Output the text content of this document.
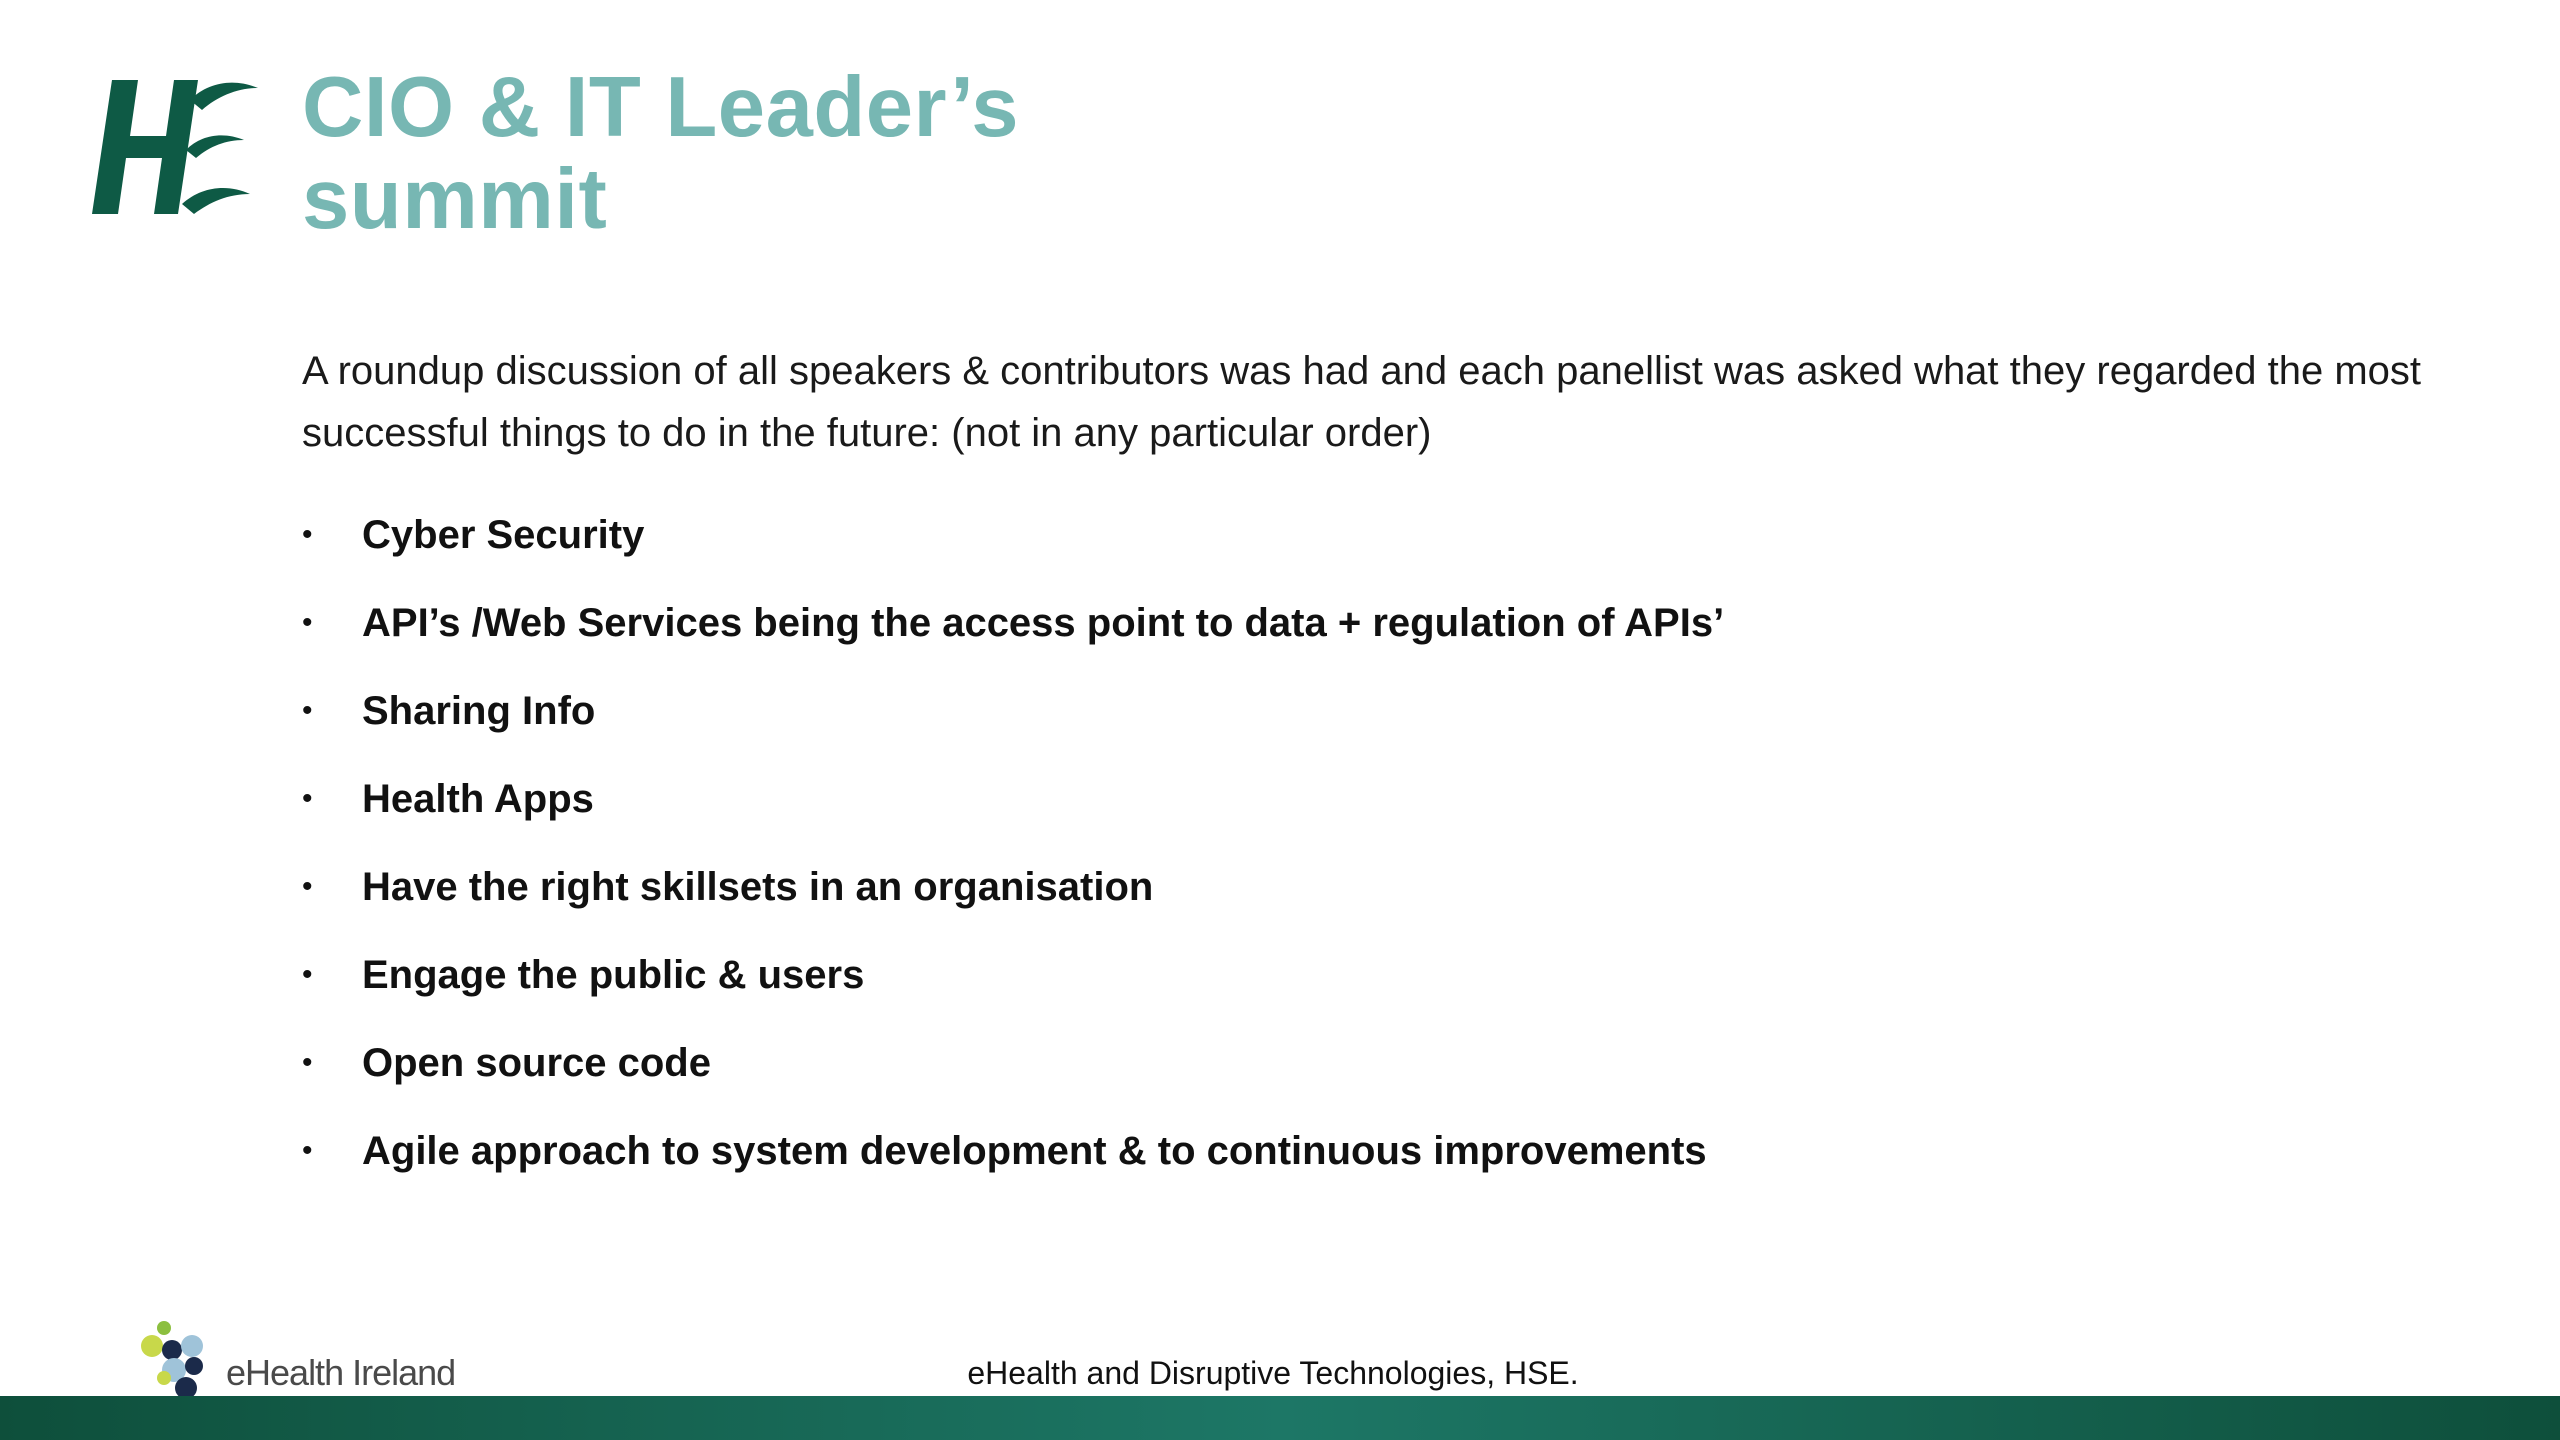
CIO & IT Leader’s
summit

A roundup discussion of all speakers & contributors was had and each panellist was asked what they regarded the most successful things to do in the future: (not in any particular order)

•	Cyber Security
•	API’s /Web Services being the access point to data + regulation of APIs’
•	Sharing Info
•	Health Apps
•	Have the right skillsets in an organisation
•	Engage the public & users
•	Open source code
•	Agile approach to system development & to continuous improvements
eHealth Ireland	eHealth and Disruptive Technologies, HSE.
